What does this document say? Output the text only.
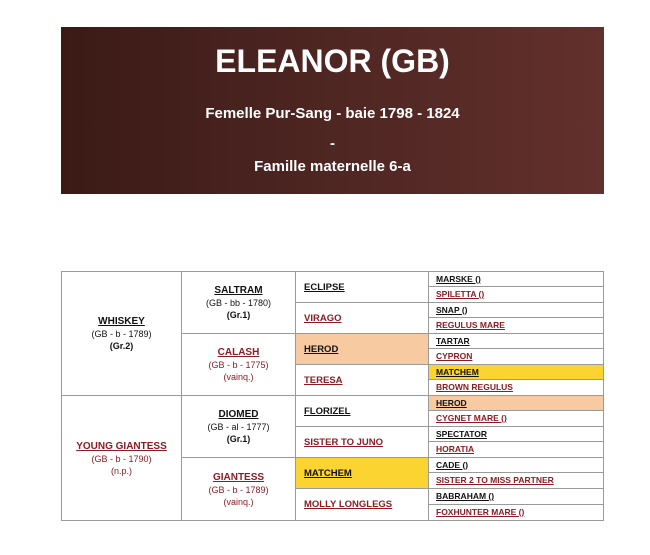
ELEANOR (GB)
Femelle Pur-Sang - baie 1798 - 1824
-
Famille maternelle 6-a
WHISKEY
(GB - b - 1789)
(Gr.2)
YOUNG GIANTESS
(GB - b - 1790)
(n.p.)
SALTRAM
(GB - bb - 1780)
(Gr.1)
CALASH
(GB - b - 1775)
(vainq.)
DIOMED
(GB - al - 1777)
(Gr.1)
GIANTESS
(GB - b - 1789)
(vainq.)
ECLIPSE
VIRAGO
HEROD
TERESA
FLORIZEL
SISTER TO JUNO
MATCHEM
MOLLY LONGLEGS
MARSKE ()
SPILETTA ()
SNAP ()
REGULUS MARE
TARTAR
CYPRON
MATCHEM
BROWN REGULUS
HEROD
CYGNET MARE ()
SPECTATOR
HORATIA
CADE ()
SISTER 2 TO MISS PARTNER
BABRAHAM ()
FOXHUNTER MARE ()
